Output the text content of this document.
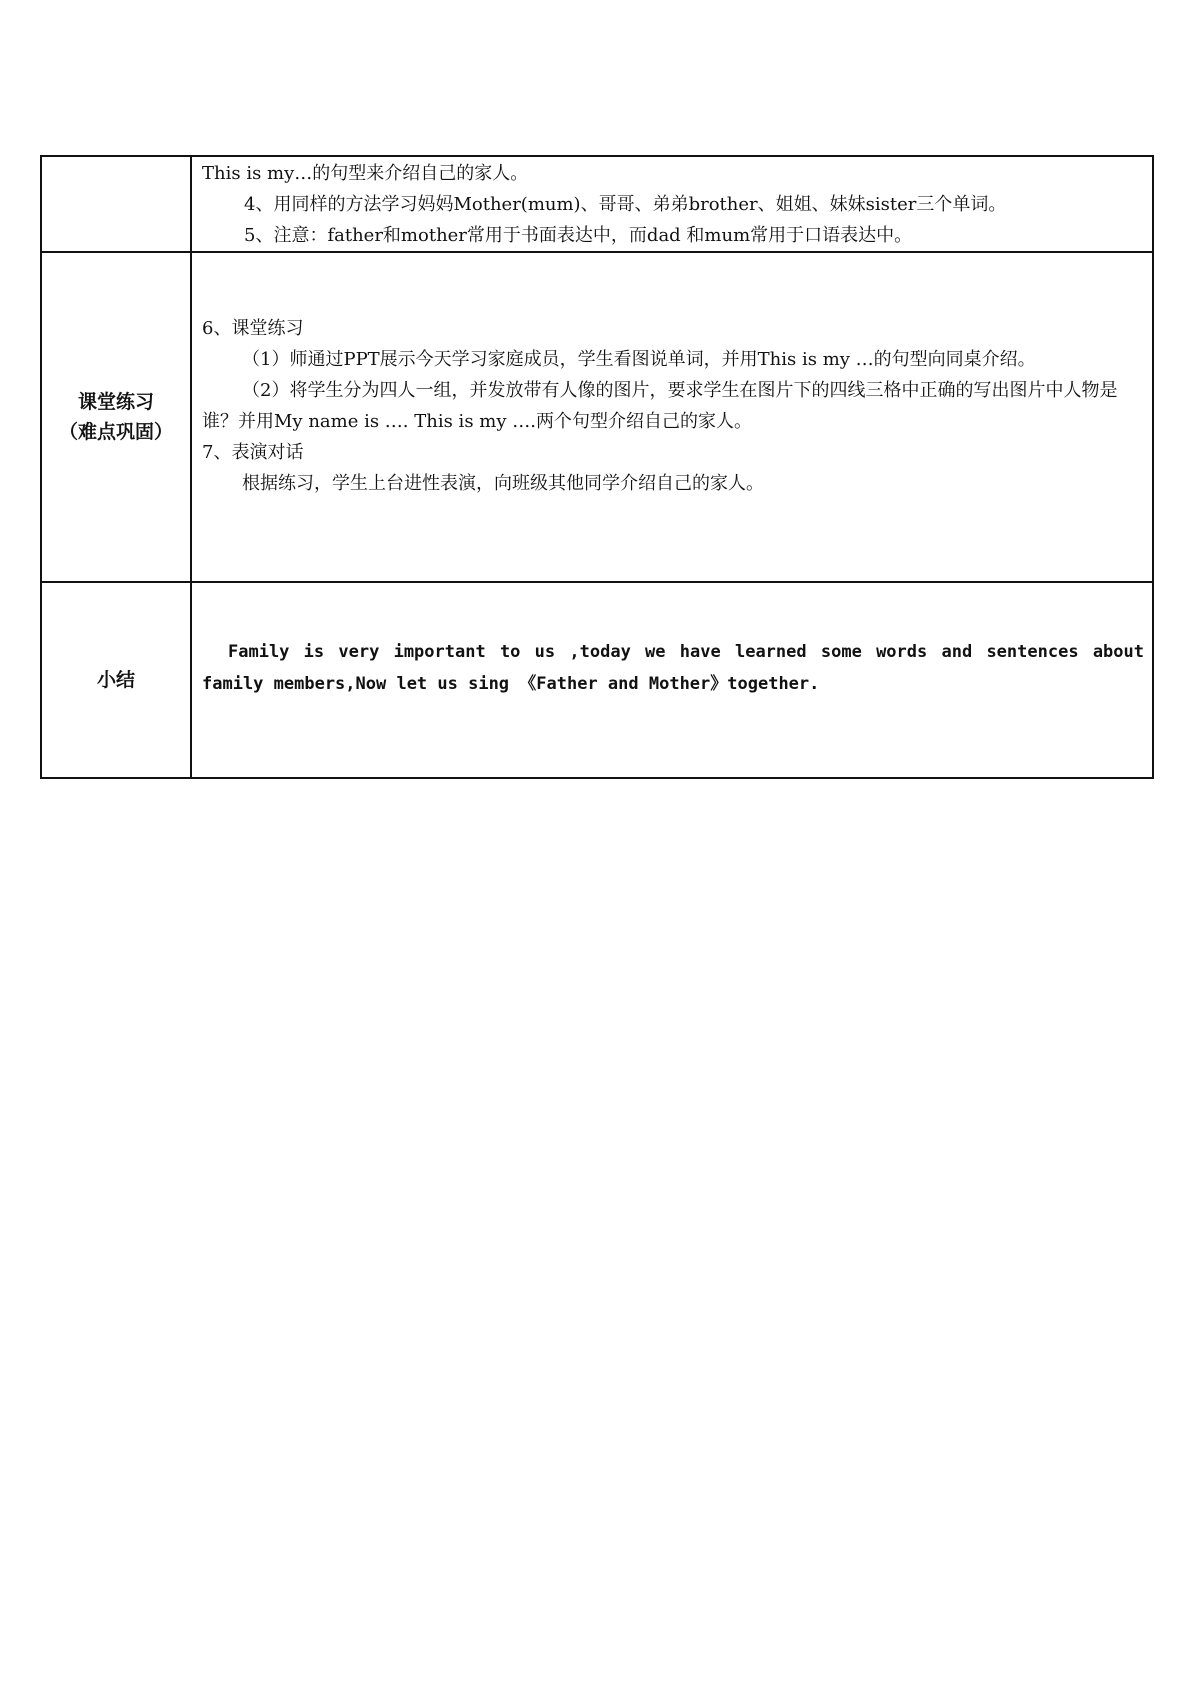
	This is my…的句型来介绍自己的家人。
4、用同样的方法学习妈妈Mother(mum)、哥哥、弟弟brother、姐姐、妹妹sister三个单词。
5、注意：father和mother常用于书面表达中，而dad 和mum常用于口语表达中。

课堂练习
（难点巩固）	6、课堂练习
（1）师通过PPT展示今天学习家庭成员，学生看图说单词，并用This is my …的句型向同桌介绍。
（2）将学生分为四人一组，并发放带有人像的图片，要求学生在图片下的四线三格中正确的写出图片中人物是谁？并用My name is …. This is my ….两个句型介绍自己的家人。
7、表演对话
根据练习，学生上台进性表演，向班级其他同学介绍自己的家人。

小结	Family is very important to us ,today we have learned some words and sentences about family members,Now let us sing 《Father and Mother》together.
